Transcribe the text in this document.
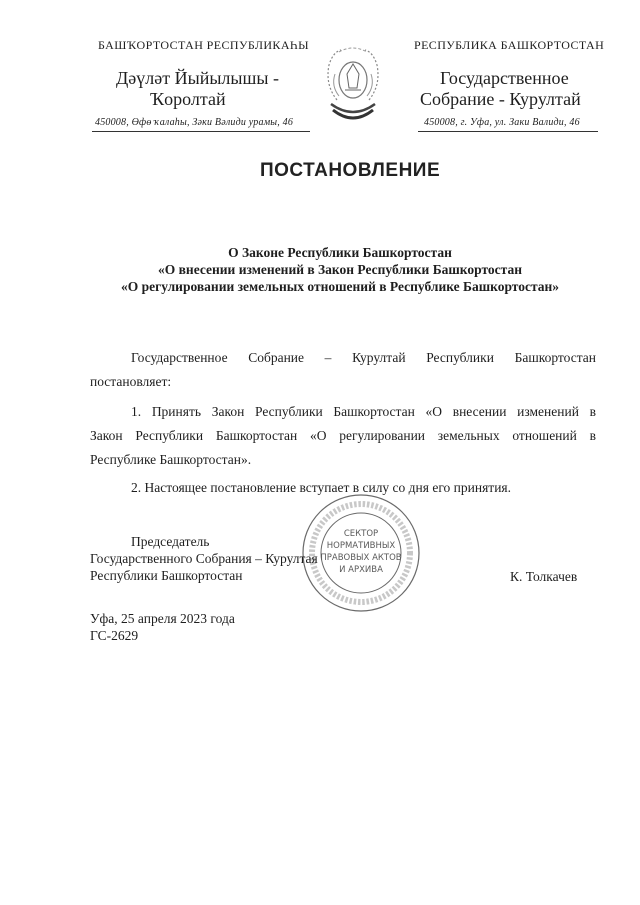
БАШҠОРТОСТАН РЕСПУБЛИКАҺЫ
Дәүләт Йыйылышы -
Ҡоролтай
450008, Өфө ҡалаһы, Зәки Вәлиди урамы, 46
РЕСПУБЛИКА БАШКОРТОСТАН
Государственное
Собрание - Курултай
450008, г. Уфа, ул. Заки Валиди, 46
ПОСТАНОВЛЕНИЕ
О Законе Республики Башкортостан
«О внесении изменений в Закон Республики Башкортостан
«О регулировании земельных отношений в Республике Башкортостан»
Государственное Собрание – Курултай Республики Башкортостан
постановляет:
1. Принять Закон Республики Башкортостан «О внесении изменений в
Закон Республики Башкортостан «О регулировании земельных отношений в
Республике Башкортостан».
2. Настоящее постановление вступает в силу со дня его принятия.
СЕКТОР
НОРМАТИВНЫХ
ПРАВОВЫХ АКТОВ
И АРХИВА
Председатель
Государственного Собрания – Курултая
Республики Башкортостан	К. Толкачев
Уфа, 25 апреля 2023 года
ГС-2629
